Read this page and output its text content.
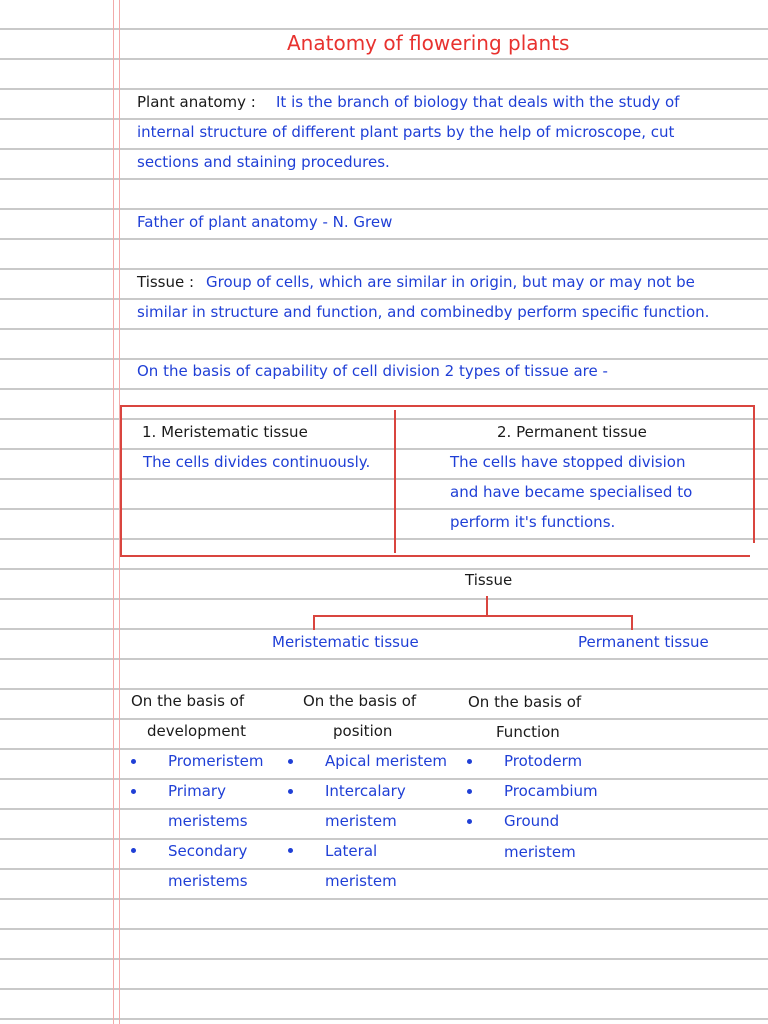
Anatomy of flowering plants
Plant anatomy : It is the branch of biology that deals with the study of
internal structure of different plant parts by the help of microscope, cut
sections and staining procedures.
Father of plant anatomy - N. Grew
Tissue : Group of cells, which are similar in origin, but may or may not be
similar in structure and function, and combinedby perform specific function.
On the basis of capability of cell division 2 types of tissue are -
1. Meristematic tissue
The cells divides continuously.
2. Permanent tissue
The cells have stopped division
and have became specialised to
perform it's functions.
Tissue
Meristematic tissue	Permanent tissue
On the basis of
development
Promeristem
Primary
meristems
Secondary
meristems
On the basis of
position
Apical meristem
Intercalary
meristem
Lateral
meristem
On the basis of
Function
Protoderm
Procambium
Ground
meristem
